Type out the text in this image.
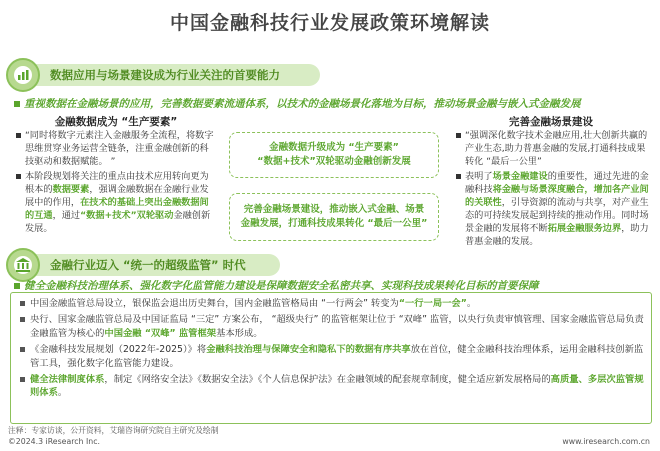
中国金融科技行业发展政策环境解读
数据应用与场景建设成为行业关注的首要能力
重视数据在金融场景的应用，完善数据要素流通体系，以技术的金融场景化落地为目标，推动场景金融与嵌入式金融发展
金融数据成为 “生产要素”
“同时将数字元素注入金融服务全流程，将数字思维贯穿业务运营全链条，注重金融创新的科技驱动和数据赋能。 ”
本阶段规划将关注的重点由技术应用转向更为根本的数据要素，强调金融数据在金融行业发展中的作用，在技术的基础上突出金融数据间的互通，通过“数据+技术”双轮驱动金融创新发展。
金融数据升级成为 “生产要素”
“数据+技术”双轮驱动金融创新发展
完善金融场景建设，推动嵌入式金融、场景
金融发展，打通科技成果转化 “最后一公里”
完善金融场景建设
“强调深化数字技术金融应用,壮大创新共赢的产业生态,助力普惠金融的发展,打通科技成果转化 “最后一公里”
表明了场景金融建设的重要性，通过先进的金融科技将金融与场景深度融合，增加各产业间的关联性，引导资源的流动与共享，对产业生态的可持续发展起到持续的推动作用。同时场景金融的发展将不断拓展金融服务边界，助力普惠金融的发展。
金融行业迈入 “统一的超级监管” 时代
健全金融科技治理体系、强化数字化监管能力建设是保障数据安全私密共享、实现科技成果转化目标的首要保障
中国金融监管总局设立，银保监会退出历史舞台，国内金融监管格局由 “一行两会” 转变为“一行一局一会”。
央行、国家金融监管总局及中国证监局 “三定” 方案公布， “超级央行” 的监管框架让位于 “双峰” 监管，以央行负责审慎管理、国家金融监管总局负责金融监管为核心的中国金融 “双峰” 监管框架基本形成。
《金融科技发展规划（2022年-2025）》将金融科技治理与保障安全和隐私下的数据有序共享放在首位，健全金融科技治理体系，运用金融科技创新监管工具，强化数字化监管能力建设。
健全法律制度体系，制定《网络安全法》《数据安全法》《个人信息保护法》在金融领域的配套规章制度，健全适应新发展格局的高质量、多层次监管规则体系。
注释：专家访谈，公开资料，艾瑞咨询研究院自主研究及绘制
©2024.3 iResearch Inc.	www.iresearch.com.cn
